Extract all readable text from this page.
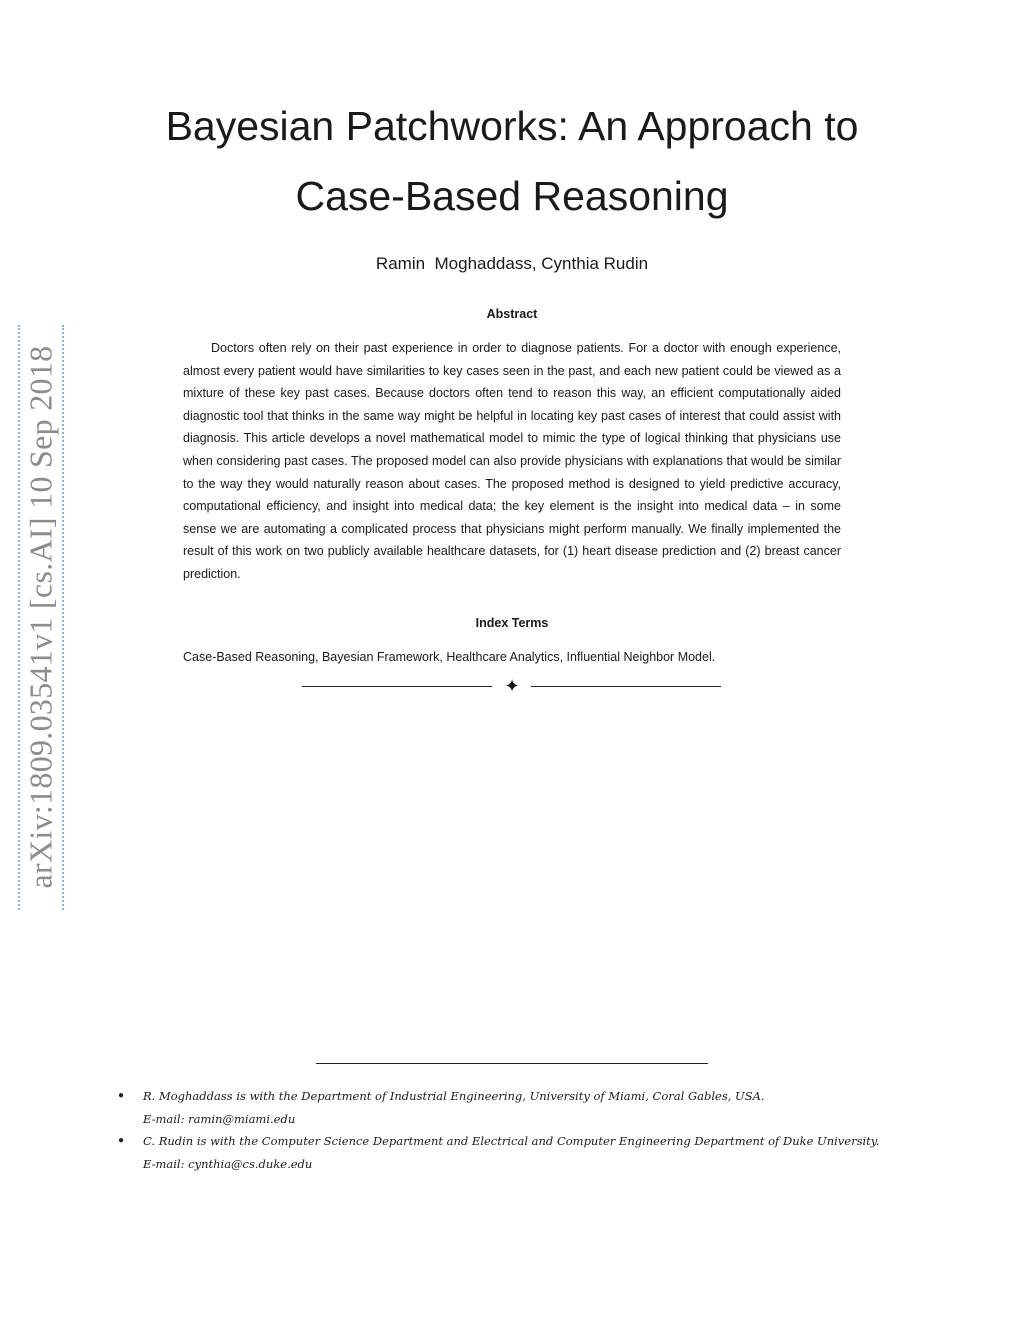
Bayesian Patchworks: An Approach to
Case-Based Reasoning
Ramin  Moghaddass, Cynthia Rudin
Abstract

Doctors often rely on their past experience in order to diagnose patients. For a doctor with enough experience, almost every patient would have similarities to key cases seen in the past, and each new patient could be viewed as a mixture of these key past cases. Because doctors often tend to reason this way, an efficient computationally aided diagnostic tool that thinks in the same way might be helpful in locating key past cases of interest that could assist with diagnosis. This article develops a novel mathematical model to mimic the type of logical thinking that physicians use when considering past cases. The proposed model can also provide physicians with explanations that would be similar to the way they would naturally reason about cases. The proposed method is designed to yield predictive accuracy, computational efficiency, and insight into medical data; the key element is the insight into medical data – in some sense we are automating a complicated process that physicians might perform manually. We finally implemented the result of this work on two publicly available healthcare datasets, for (1) heart disease prediction and (2) breast cancer prediction.

Index Terms
Case-Based Reasoning, Bayesian Framework, Healthcare Analytics, Influential Neighbor Model.
✦
● R. Moghaddass is with the Department of Industrial Engineering, University of Miami, Coral Gables, USA.
E-mail: ramin@miami.edu
● C. Rudin is with the Computer Science Department and Electrical and Computer Engineering Department of Duke University.
E-mail: cynthia@cs.duke.edu
arXiv:1809.03541v1 [cs.AI] 10 Sep 2018
